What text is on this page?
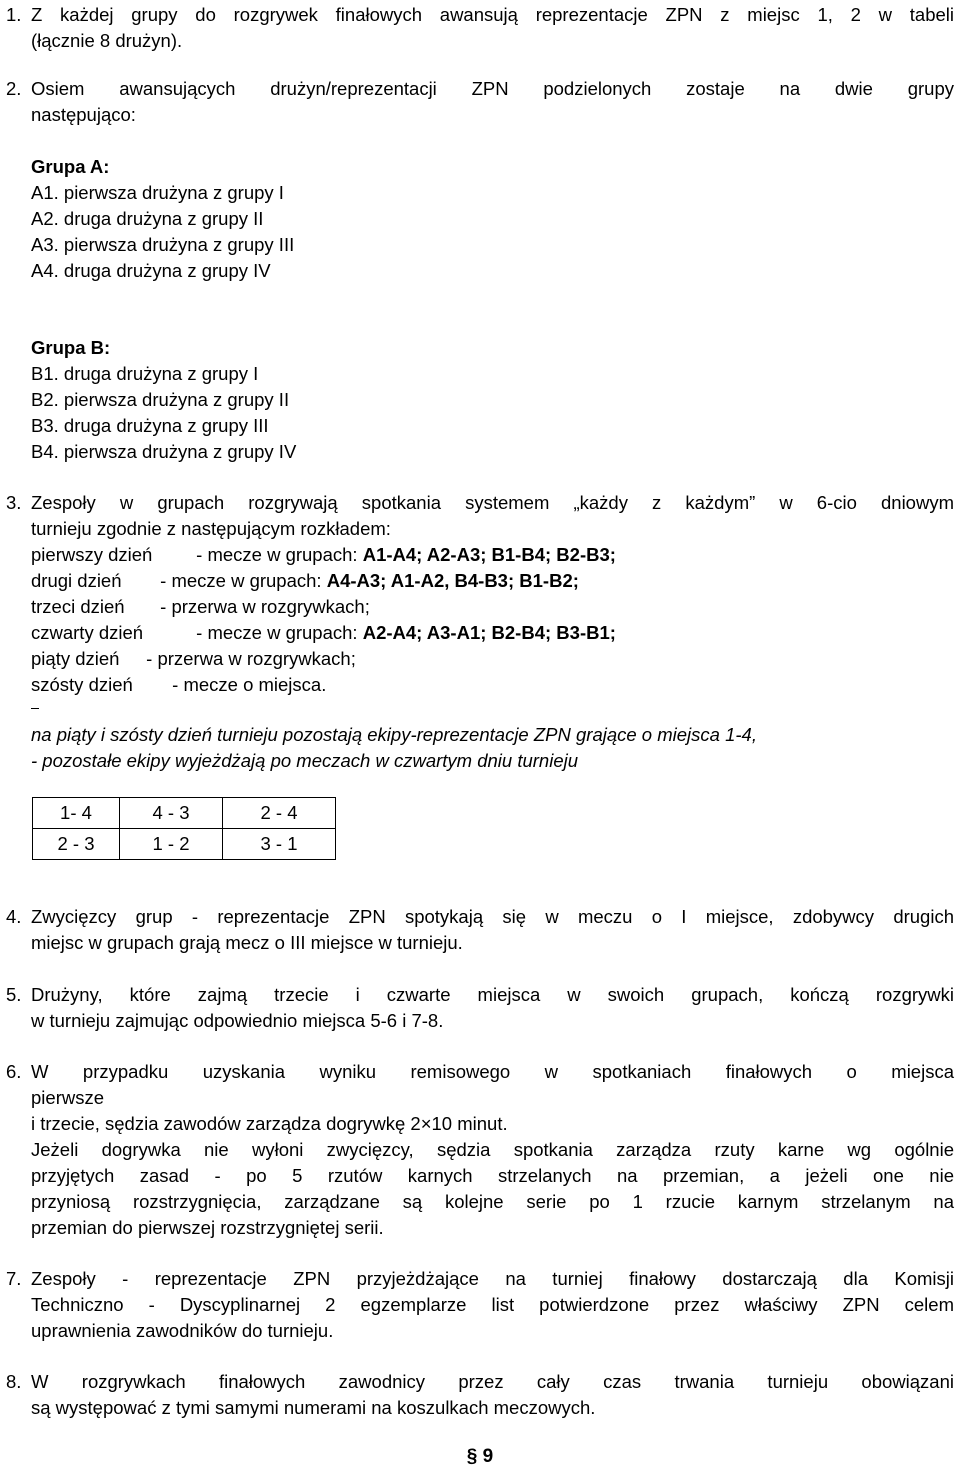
1. Z każdej grupy do rozgrywek finałowych awansują reprezentacje ZPN z miejsc 1, 2 w tabeli

(łącznie 8 drużyn).

2. Osiem awansujących drużyn/reprezentacji ZPN podzielonych zostaje na dwie grupy

następująco:

Grupa A:
A1. pierwsza drużyna z grupy I
A2. druga drużyna z grupy II
A3. pierwsza drużyna z grupy III
A4. druga drużyna z grupy IV
Grupa B:
B1. druga drużyna z grupy I
B2. pierwsza drużyna z grupy II
B3. druga drużyna z grupy III
B4. pierwsza drużyna z grupy IV
3. Zespoły w grupach rozgrywają spotkania systemem „każdy z każdym” w 6-cio dniowym

turnieju zgodnie z następującym rozkładem:

pierwszy dzień	- mecze w grupach: A1-A4; A2-A3; B1-B4; B2-B3;
drugi dzień	- mecze w grupach: A4-A3; A1-A2, B4-B3; B1-B2;
trzeci dzień	- przerwa w rozgrywkach;
czwarty dzień	- mecze w grupach: A2-A4; A3-A1; B2-B4; B3-B1;
piąty dzień	- przerwa w rozgrywkach;
szósty dzień	- mecze o miejsca.
na piąty i szósty dzień turnieju pozostają ekipy-reprezentacje ZPN grające o miejsca 1-4,
- pozostałe ekipy wyjeżdżają po meczach w czwartym dniu turnieju
1- 4	4 - 3	2 - 4
2 - 3	1 - 2	3 - 1
4. Zwycięzcy grup - reprezentacje ZPN spotykają się w meczu o I miejsce, zdobywcy drugich

miejsc w grupach grają mecz o III miejsce w turnieju.

5. Drużyny, które zajmą trzecie i czwarte miejsca w swoich grupach, kończą rozgrywki

w turnieju zajmując odpowiednio miejsca 5-6 i 7-8.

6. W przypadku uzyskania wyniku remisowego w spotkaniach finałowych o miejsca

pierwsze

i trzecie, sędzia zawodów zarządza dogrywkę 2×10 minut.

Jeżeli dogrywka nie wyłoni zwycięzcy, sędzia spotkania zarządza rzuty karne wg ogólnie

przyjętych zasad - po 5 rzutów karnych strzelanych na przemian, a jeżeli one nie

przyniosą rozstrzygnięcia, zarządzane są kolejne serie po 1 rzucie karnym strzelanym na

przemian do pierwszej rozstrzygniętej serii.

7. Zespoły - reprezentacje ZPN przyjeżdżające na turniej finałowy dostarczają dla Komisji

Techniczno - Dyscyplinarnej 2 egzemplarze list potwierdzone przez właściwy ZPN celem

uprawnienia zawodników do turnieju.

8. W rozgrywkach finałowych zawodnicy przez cały czas trwania turnieju obowiązani

są występować z tymi samymi numerami na koszulkach meczowych.

§ 9
